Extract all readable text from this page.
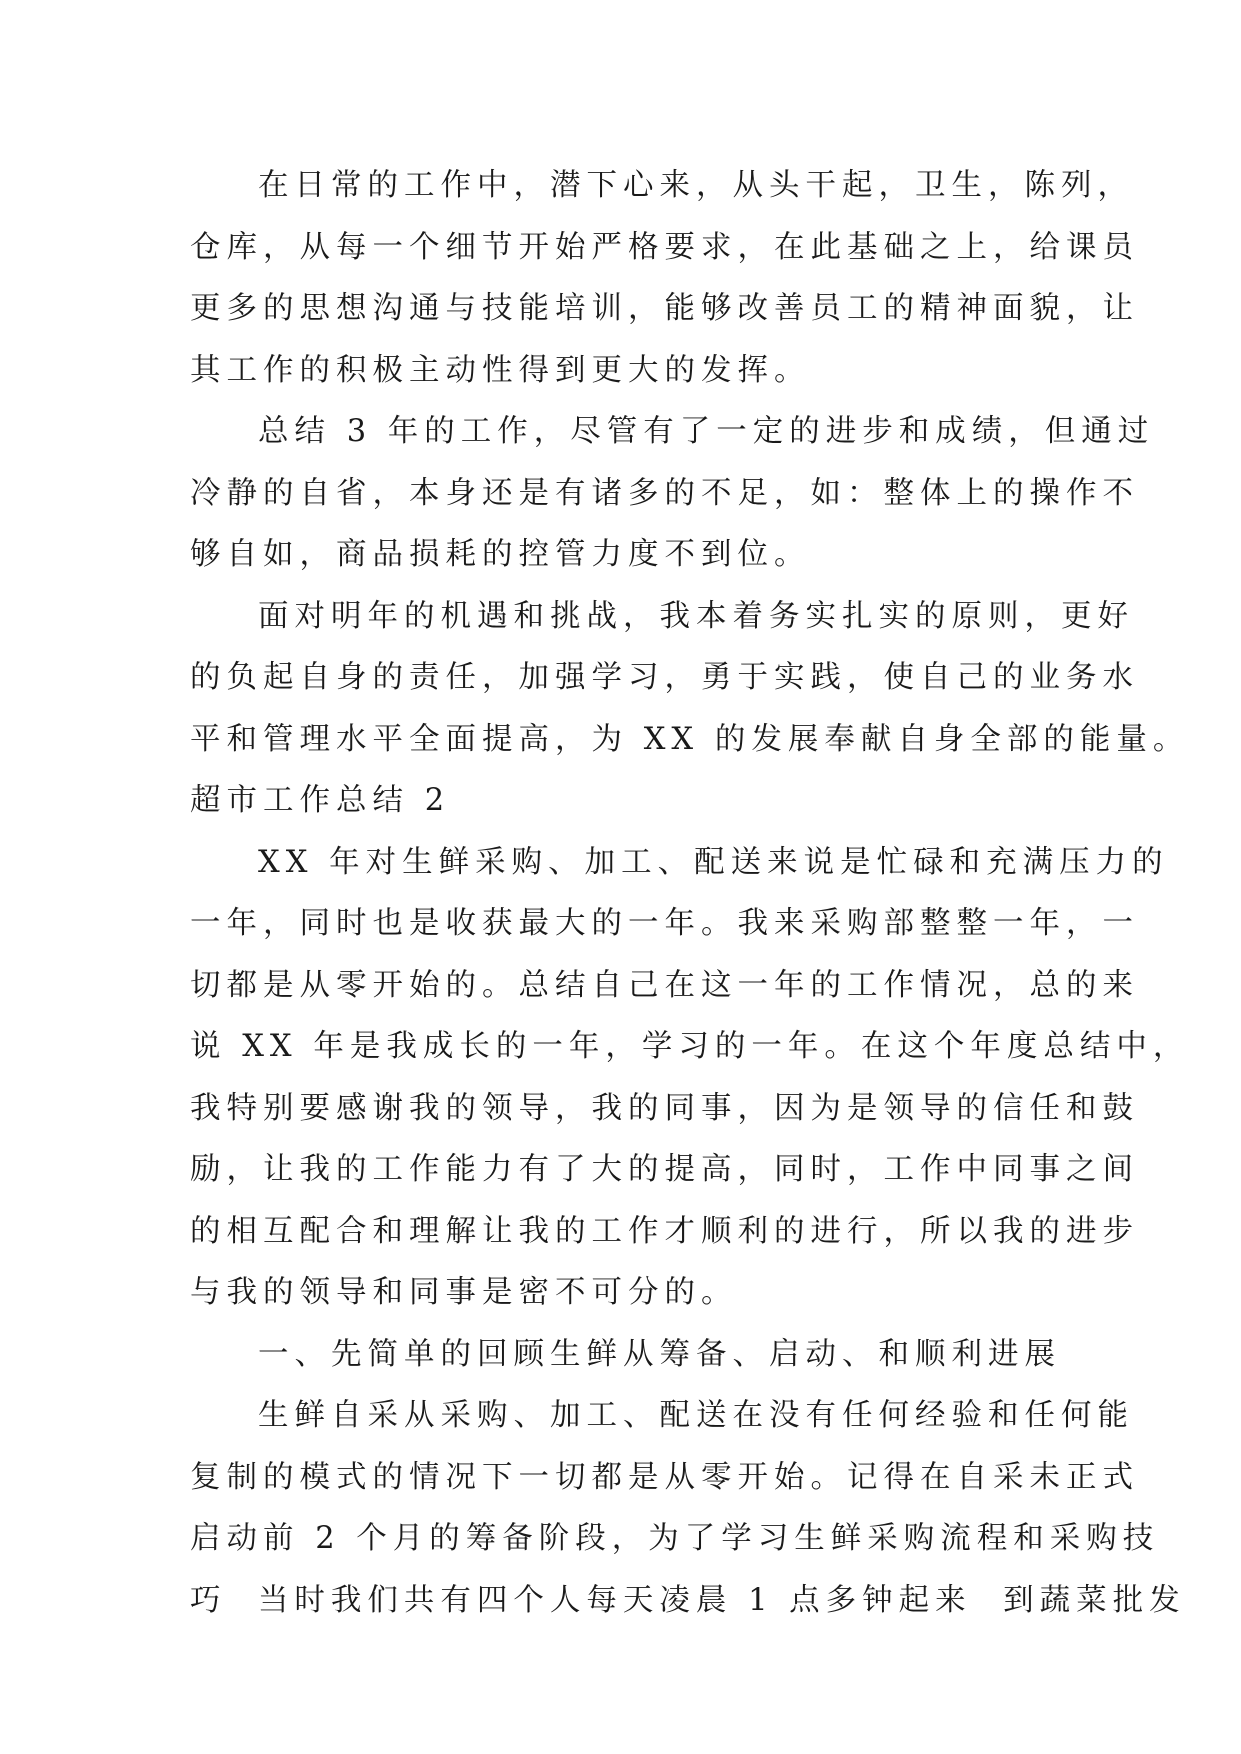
在日常的工作中，潜下心来，从头干起，卫生，陈列，
仓库，从每一个细节开始严格要求，在此基础之上，给课员
更多的思想沟通与技能培训，能够改善员工的精神面貌，让
其工作的积极主动性得到更大的发挥。
总结 3 年的工作，尽管有了一定的进步和成绩，但通过
冷静的自省，本身还是有诸多的不足，如：整体上的操作不
够自如，商品损耗的控管力度不到位。
面对明年的机遇和挑战，我本着务实扎实的原则，更好
的负起自身的责任，加强学习，勇于实践，使自己的业务水
平和管理水平全面提高，为 XX 的发展奉献自身全部的能量。
超市工作总结 2
XX 年对生鲜采购、加工、配送来说是忙碌和充满压力的
一年，同时也是收获最大的一年。我来采购部整整一年，一
切都是从零开始的。总结自己在这一年的工作情况，总的来
说 XX 年是我成长的一年，学习的一年。在这个年度总结中，
我特别要感谢我的领导，我的同事，因为是领导的信任和鼓
励，让我的工作能力有了大的提高，同时，工作中同事之间
的相互配合和理解让我的工作才顺利的进行，所以我的进步
与我的领导和同事是密不可分的。
一、先简单的回顾生鲜从筹备、启动、和顺利进展
生鲜自采从采购、加工、配送在没有任何经验和任何能
复制的模式的情况下一切都是从零开始。记得在自采未正式
启动前 2 个月的筹备阶段，为了学习生鲜采购流程和采购技
巧  当时我们共有四个人每天凌晨 1 点多钟起来  到蔬菜批发
